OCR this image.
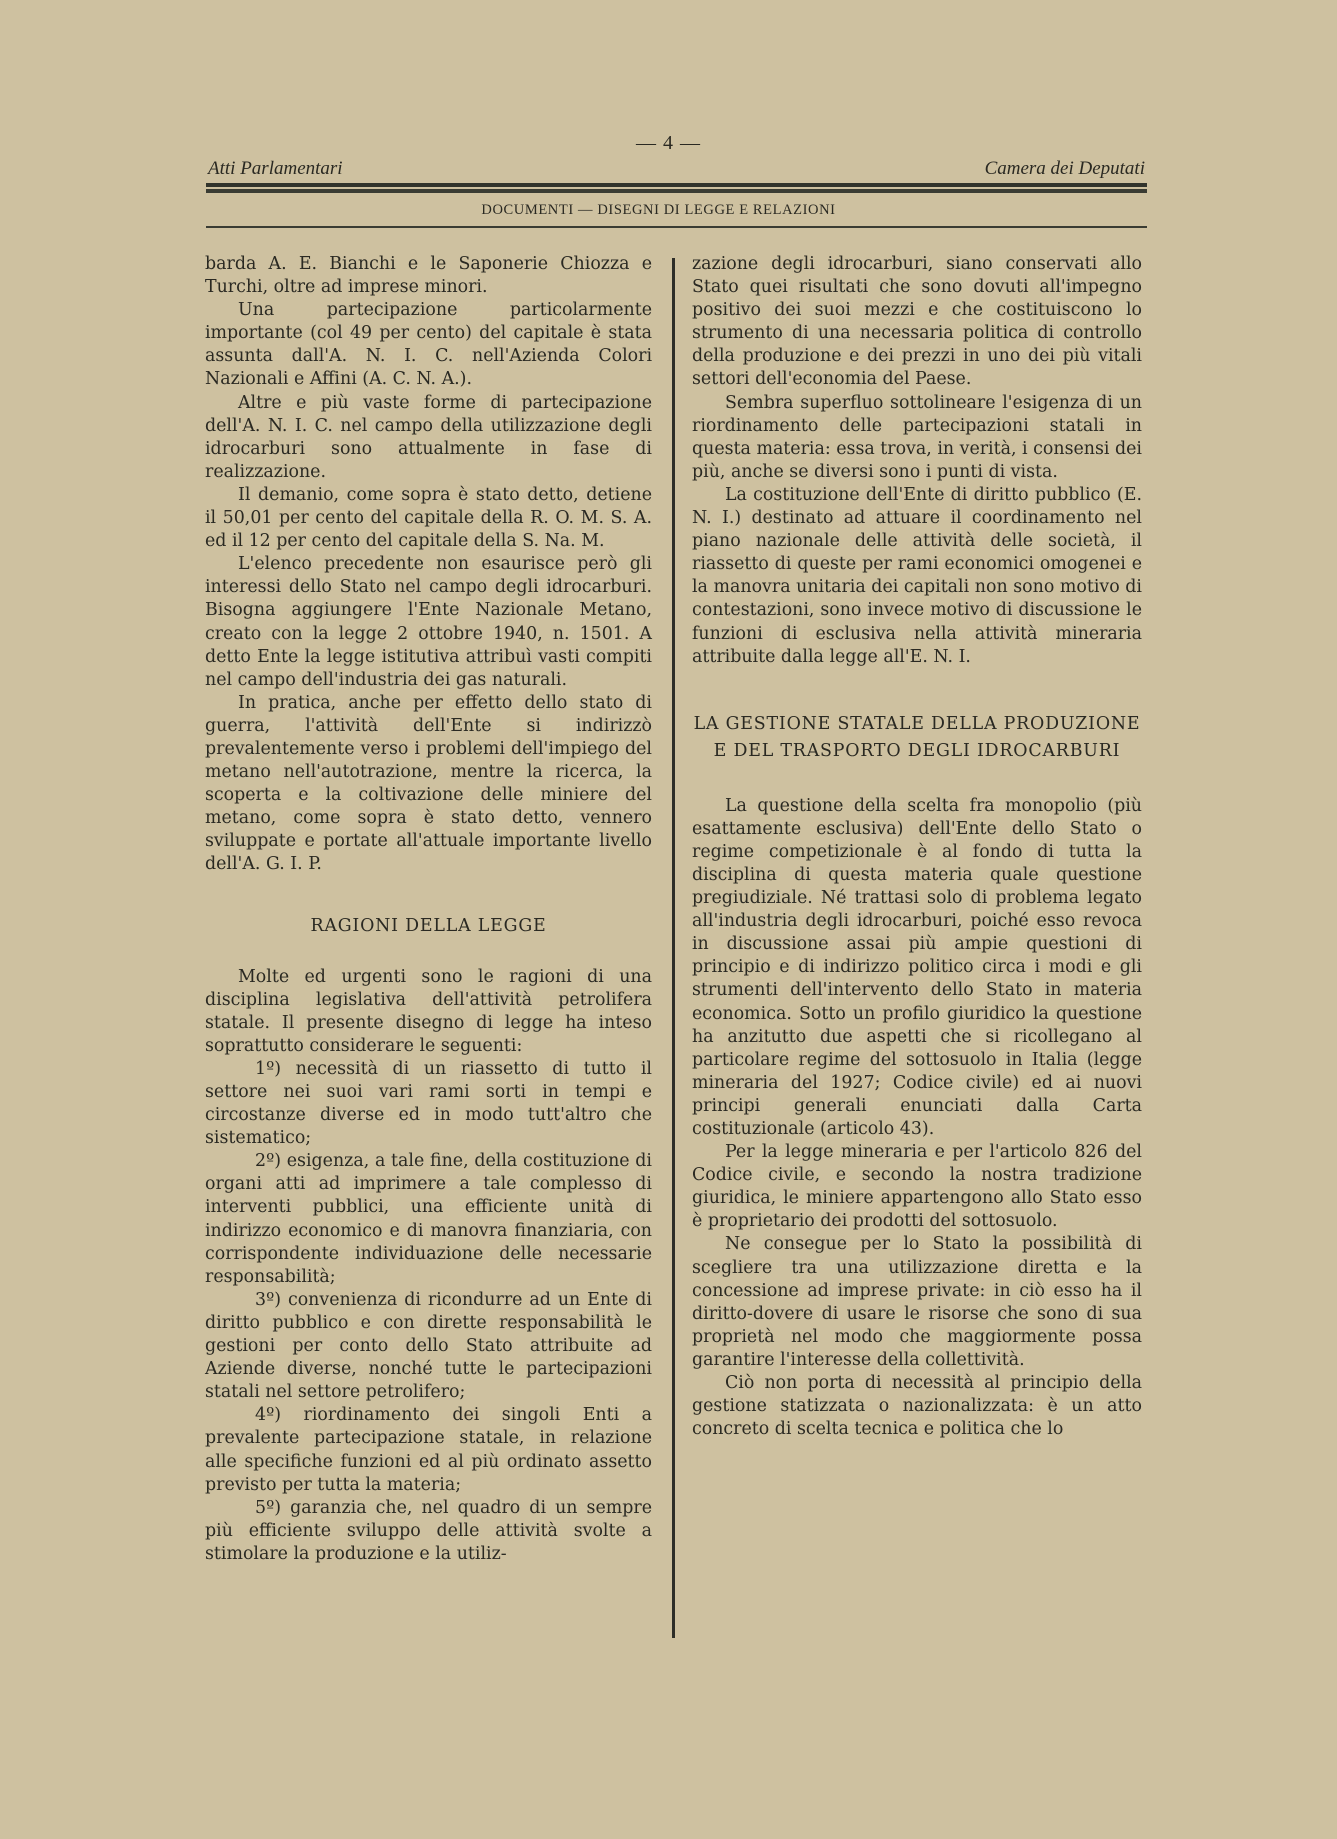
— 4 —
Atti Parlamentari	Camera dei Deputati
DOCUMENTI — DISEGNI DI LEGGE E RELAZIONI

barda A. E. Bianchi e le Saponerie Chiozza e Turchi, oltre ad imprese minori.

Una partecipazione particolarmente importante (col 49 per cento) del capitale è stata assunta dall'A. N. I. C. nell'Azienda Colori Nazionali e Affini (A. C. N. A.).

Altre e più vaste forme di partecipazione dell'A. N. I. C. nel campo della utilizzazione degli idrocarburi sono attualmente in fase di realizzazione.

Il demanio, come sopra è stato detto, detiene il 50,01 per cento del capitale della R. O. M. S. A. ed il 12 per cento del capitale della S. Na. M.

L'elenco precedente non esaurisce però gli interessi dello Stato nel campo degli idrocarburi. Bisogna aggiungere l'Ente Nazionale Metano, creato con la legge 2 ottobre 1940, n. 1501. A detto Ente la legge istitutiva attribuì vasti compiti nel campo dell'industria dei gas naturali.

In pratica, anche per effetto dello stato di guerra, l'attività dell'Ente si indirizzò prevalentemente verso i problemi dell'impiego del metano nell'autotrazione, mentre la ricerca, la scoperta e la coltivazione delle miniere del metano, come sopra è stato detto, vennero sviluppate e portate all'attuale importante livello dell'A. G. I. P.

RAGIONI DELLA LEGGE

Molte ed urgenti sono le ragioni di una disciplina legislativa dell'attività petrolifera statale. Il presente disegno di legge ha inteso soprattutto considerare le seguenti:

1º) necessità di un riassetto di tutto il settore nei suoi vari rami sorti in tempi e circostanze diverse ed in modo tutt'altro che sistematico;

2º) esigenza, a tale fine, della costituzione di organi atti ad imprimere a tale complesso di interventi pubblici, una efficiente unità di indirizzo economico e di manovra finanziaria, con corrispondente individuazione delle necessarie responsabilità;

3º) convenienza di ricondurre ad un Ente di diritto pubblico e con dirette responsabilità le gestioni per conto dello Stato attribuite ad Aziende diverse, nonché tutte le partecipazioni statali nel settore petrolifero;

4º) riordinamento dei singoli Enti a prevalente partecipazione statale, in relazione alle specifiche funzioni ed al più ordinato assetto previsto per tutta la materia;

5º) garanzia che, nel quadro di un sempre più efficiente sviluppo delle attività svolte a stimolare la produzione e la utiliz-

zazione degli idrocarburi, siano conservati allo Stato quei risultati che sono dovuti all'impegno positivo dei suoi mezzi e che costituiscono lo strumento di una necessaria politica di controllo della produzione e dei prezzi in uno dei più vitali settori dell'economia del Paese.

Sembra superfluo sottolineare l'esigenza di un riordinamento delle partecipazioni statali in questa materia: essa trova, in verità, i consensi dei più, anche se diversi sono i punti di vista.

La costituzione dell'Ente di diritto pubblico (E. N. I.) destinato ad attuare il coordinamento nel piano nazionale delle attività delle società, il riassetto di queste per rami economici omogenei e la manovra unitaria dei capitali non sono motivo di contestazioni, sono invece motivo di discussione le funzioni di esclusiva nella attività mineraria attribuite dalla legge all'E. N. I.

LA GESTIONE STATALE DELLA PRODUZIONE E DEL TRASPORTO DEGLI IDROCARBURI

La questione della scelta fra monopolio (più esattamente esclusiva) dell'Ente dello Stato o regime competizionale è al fondo di tutta la disciplina di questa materia quale questione pregiudiziale. Né trattasi solo di problema legato all'industria degli idrocarburi, poiché esso revoca in discussione assai più ampie questioni di principio e di indirizzo politico circa i modi e gli strumenti dell'intervento dello Stato in materia economica. Sotto un profilo giuridico la questione ha anzitutto due aspetti che si ricollegano al particolare regime del sottosuolo in Italia (legge mineraria del 1927; Codice civile) ed ai nuovi principi generali enunciati dalla Carta costituzionale (articolo 43).

Per la legge mineraria e per l'articolo 826 del Codice civile, e secondo la nostra tradizione giuridica, le miniere appartengono allo Stato esso è proprietario dei prodotti del sottosuolo.

Ne consegue per lo Stato la possibilità di scegliere tra una utilizzazione diretta e la concessione ad imprese private: in ciò esso ha il diritto-dovere di usare le risorse che sono di sua proprietà nel modo che maggiormente possa garantire l'interesse della collettività.

Ciò non porta di necessità al principio della gestione statizzata o nazionalizzata: è un atto concreto di scelta tecnica e politica che lo
